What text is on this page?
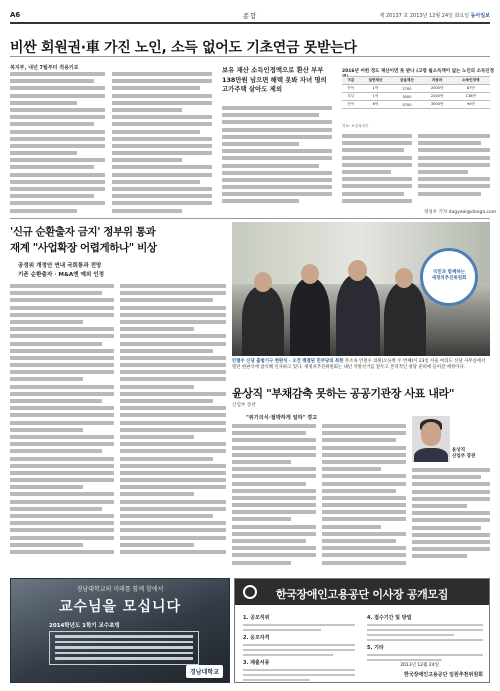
A6	종합	제 20137 호 2013년 12월 24일 화요일 동아일보
비싼 회원권·車 가진 노인, 소득 없어도 기초연금 못받는다
복지부, 내년 7월부터 적용키로	보유 재산 소득인정액으로 환산 부부 138만원 넘으면 해택 못봐 자녀 명의 고가주택 살아도 제외
2016년 어떤 정도 재산이면 못 받나 (고령 월소득액이 없는 노인의 소득인정
구분	일반재산	금융재산	자동차	소득인정액
단독	1억	2700	2000만	87만
부부	1억	3000	2200만	138만
단독	6억	5700	3000만	94만
자료: 보건복지부
정성우 기자 dagyeol@donga.com
'신규 순환출자 금지' 정부위 통과
재계 "사업확장 어렵게하나" 비상
공정위 개정안 연내 국회통과 전망
기존 순환출자 · M&A엔 예외 인정	국민과 함께하는
새정치추진위원회
안철수 신당 출범기구 현판식 · 오전 백결된 민주당의 북한 무소속 안철수 의원(오른쪽 두 번째)이 23일 서울 여의도 신당 사무실에서 열린 현판식에 참석해 인사하고 있다. 새정치추진위원회는 내년 지방선거를 앞두고 본격적인 창당 준비에 들어갈 예정이다.
윤상직 "부채감축 못하는 공공기관장 사표 내라"
산업부 장관
"위기의식·절박하게 일하" 경고
윤상직
산업부 장관
경남대학교의 미래를 함께 할에서
교수님을 모십니다
2014학년도 1학기 교수초빙
경남대학교
한국장애인고용공단 이사장 공개모집
1. 공모직위
2. 응모자격
3. 제출서류
4. 접수기간 및 방법
5. 기타
2013년 12월 24일
한국장애인고용공단 임원추천위원회
